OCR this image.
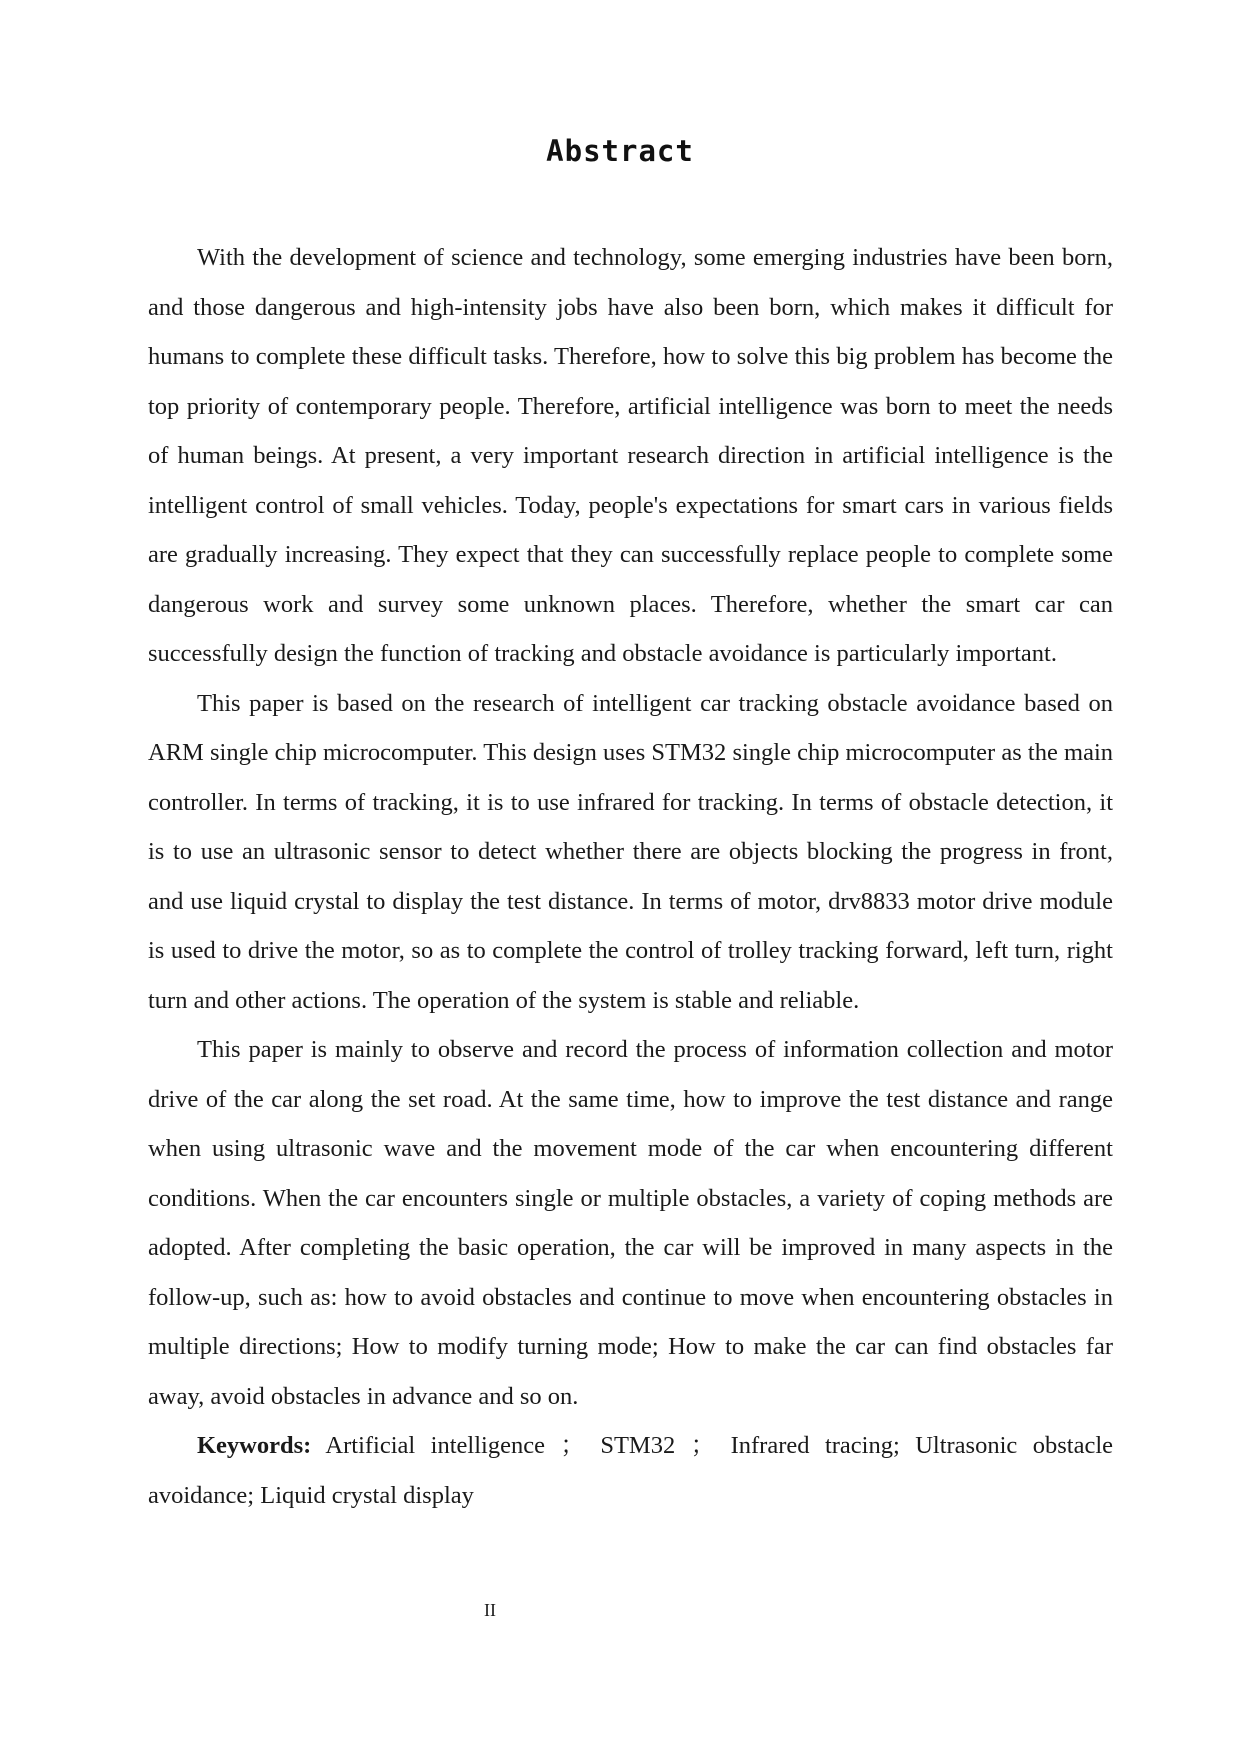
Abstract

With the development of science and technology, some emerging industries have been born, and those dangerous and high-intensity jobs have also been born, which makes it difficult for humans to complete these difficult tasks. Therefore, how to solve this big problem has become the top priority of contemporary people. Therefore, artificial intelligence was born to meet the needs of human beings. At present, a very important research direction in artificial intelligence is the intelligent control of small vehicles. Today, people's expectations for smart cars in various fields are gradually increasing. They expect that they can successfully replace people to complete some dangerous work and survey some unknown places. Therefore, whether the smart car can successfully design the function of tracking and obstacle avoidance is particularly important.

This paper is based on the research of intelligent car tracking obstacle avoidance based on ARM single chip microcomputer. This design uses STM32 single chip microcomputer as the main controller. In terms of tracking, it is to use infrared for tracking. In terms of obstacle detection, it is to use an ultrasonic sensor to detect whether there are objects blocking the progress in front, and use liquid crystal to display the test distance. In terms of motor, drv8833 motor drive module is used to drive the motor, so as to complete the control of trolley tracking forward, left turn, right turn and other actions. The operation of the system is stable and reliable.

This paper is mainly to observe and record the process of information collection and motor drive of the car along the set road. At the same time, how to improve the test distance and range when using ultrasonic wave and the movement mode of the car when encountering different conditions. When the car encounters single or multiple obstacles, a variety of coping methods are adopted. After completing the basic operation, the car will be improved in many aspects in the follow-up, such as: how to avoid obstacles and continue to move when encountering obstacles in multiple directions; How to modify turning mode; How to make the car can find obstacles far away, avoid obstacles in advance and so on.

Keywords: Artificial intelligence ； STM32 ； Infrared tracing; Ultrasonic obstacle avoidance; Liquid crystal display

II
